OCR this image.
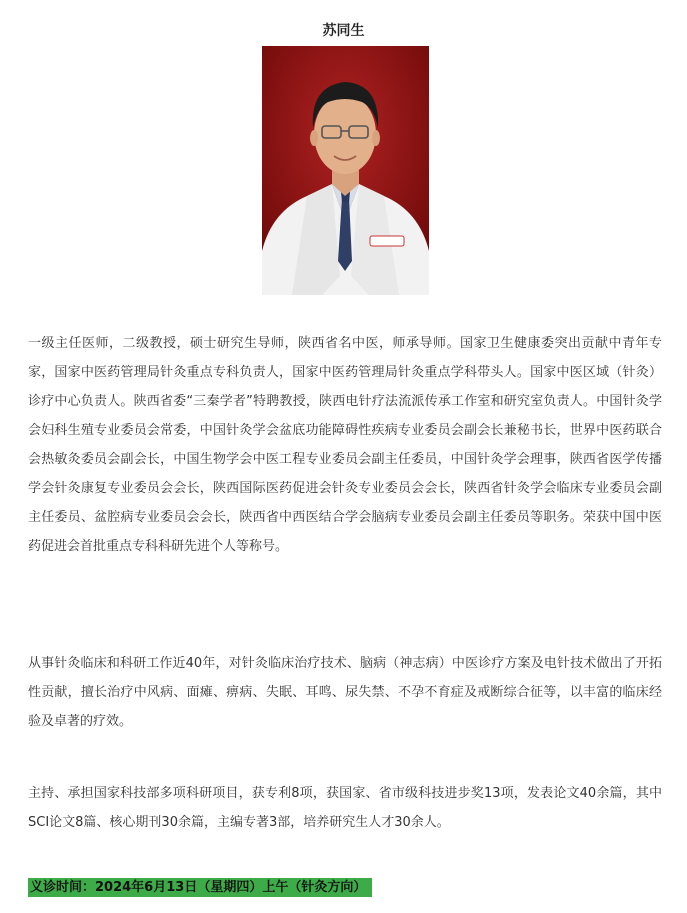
苏同生

一级主任医师，二级教授，硕士研究生导师，陕西省名中医，师承导师。国家卫生健康委突出贡献中青年专家，国家中医药管理局针灸重点专科负责人，国家中医药管理局针灸重点学科带头人。国家中医区域（针灸）诊疗中心负责人。陕西省委“三秦学者”特聘教授，陕西电针疗法流派传承工作室和研究室负责人。中国针灸学会妇科生殖专业委员会常委，中国针灸学会盆底功能障碍性疾病专业委员会副会长兼秘书长，世界中医药联合会热敏灸委员会副会长，中国生物学会中医工程专业委员会副主任委员，中国针灸学会理事，陕西省医学传播学会针灸康复专业委员会会长，陕西国际医药促进会针灸专业委员会会长，陕西省针灸学会临床专业委员会副主任委员、盆腔病专业委员会会长，陕西省中西医结合学会脑病专业委员会副主任委员等职务。荣获中国中医药促进会首批重点专科科研先进个人等称号。

从事针灸临床和科研工作近40年，对针灸临床治疗技术、脑病（神志病）中医诊疗方案及电针技术做出了开拓性贡献，擅长治疗中风病、面瘫、痹病、失眠、耳鸣、尿失禁、不孕不育症及戒断综合征等，以丰富的临床经验及卓著的疗效。

主持、承担国家科技部多项科研项目，获专利8项，获国家、省市级科技进步奖13项，发表论文40余篇，其中SCI论文8篇、核心期刊30余篇，主编专著3部，培养研究生人才30余人。

义诊时间：2024年6月13日（星期四）上午（针灸方向）
